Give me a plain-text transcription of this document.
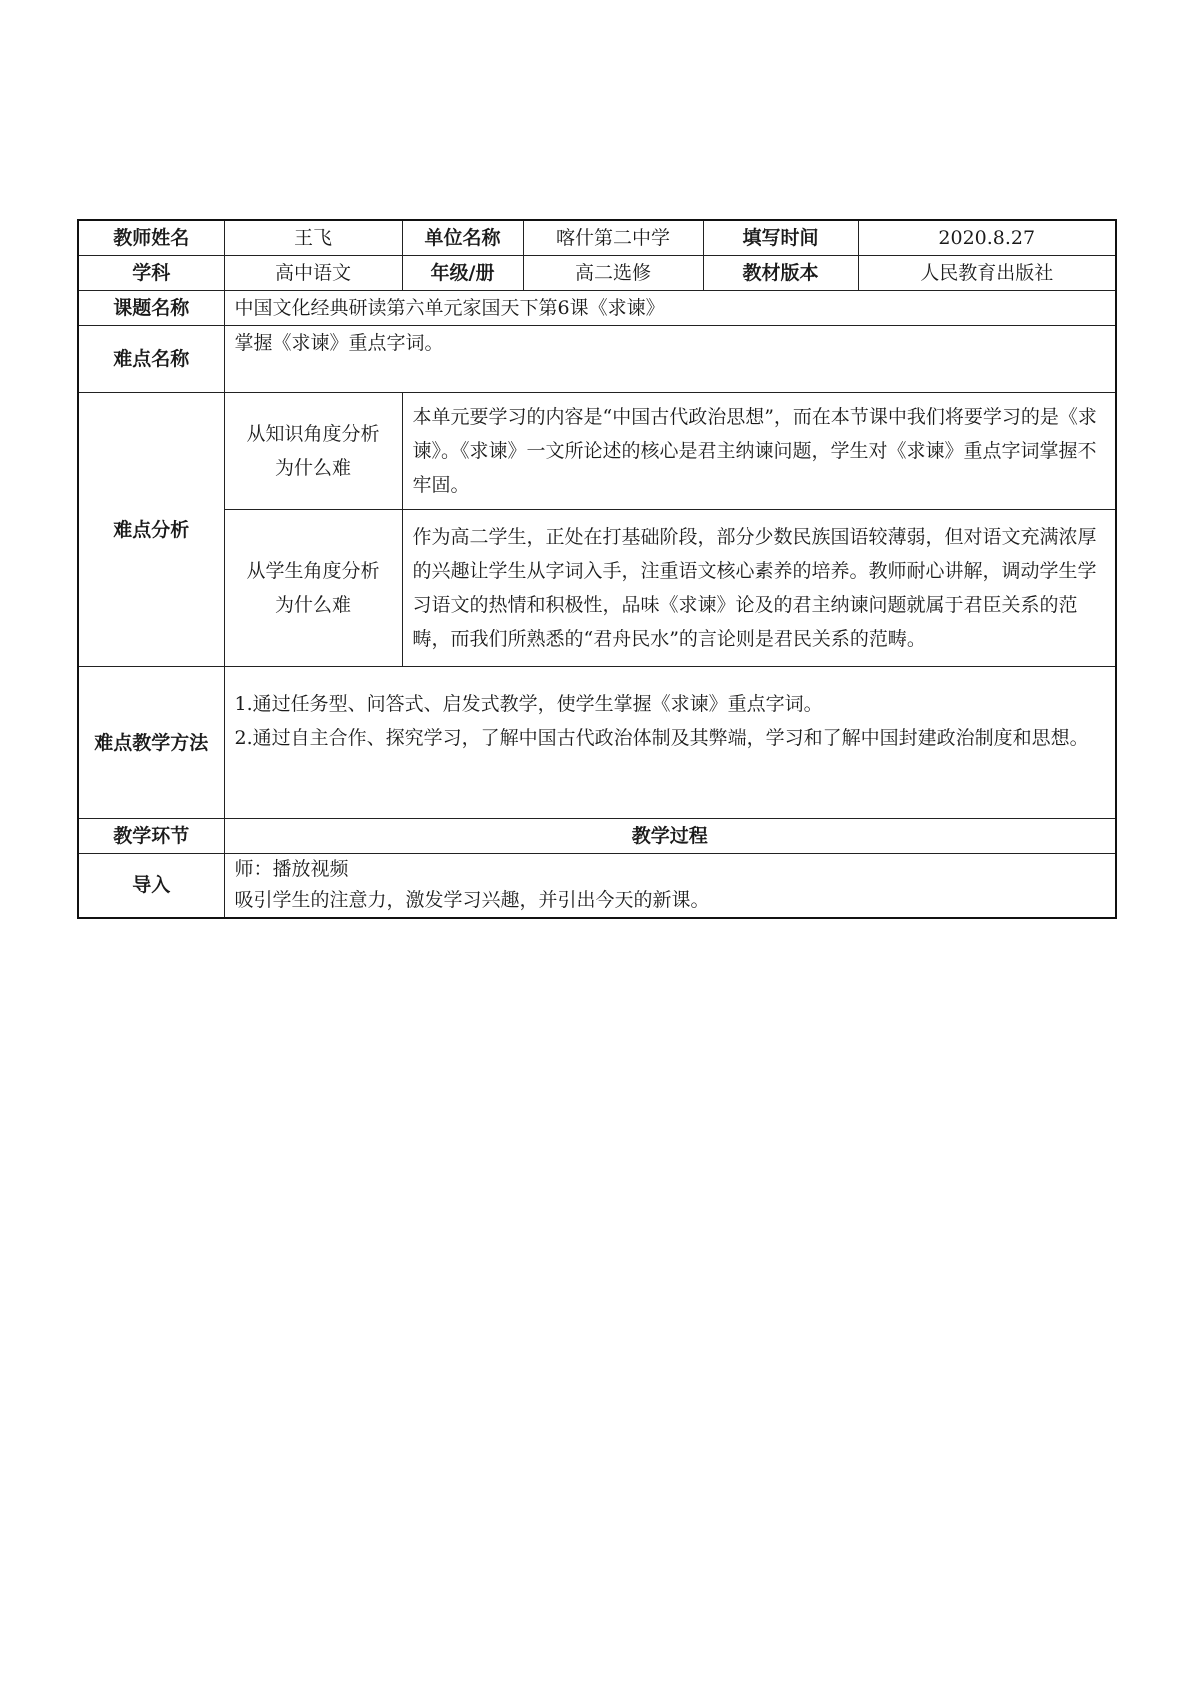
教师姓名	王飞	单位名称	喀什第二中学	填写时间	2020.8.27
学科	高中语文	年级/册	高二选修	教材版本	人民教育出版社
课题名称	中国文化经典研读第六单元家国天下第6课《求谏》				
难点名称	掌握《求谏》重点字词。				
难点分析	从知识角度分析为什么难	本单元要学习的内容是“中国古代政治思想”，而在本节课中我们将要学习的是《求谏》。《求谏》一文所论述的核心是君主纳谏问题，学生对《求谏》重点字词掌握不牢固。			
	从学生角度分析为什么难	作为高二学生，正处在打基础阶段，部分少数民族国语较薄弱，但对语文充满浓厚的兴趣让学生从字词入手，注重语文核心素养的培养。教师耐心讲解，调动学生学习语文的热情和积极性，品味《求谏》论及的君主纳谏问题就属于君臣关系的范畴，而我们所熟悉的“君舟民水”的言论则是君民关系的范畴。			
难点教学方法	1.通过任务型、问答式、启发式教学，使学生掌握《求谏》重点字词。
2.通过自主合作、探究学习，了解中国古代政治体制及其弊端，学习和了解中国封建政治制度和思想。				

教学环节	教学过程				
导入	师：播放视频
吸引学生的注意力，激发学习兴趣，并引出今天的新课。				
